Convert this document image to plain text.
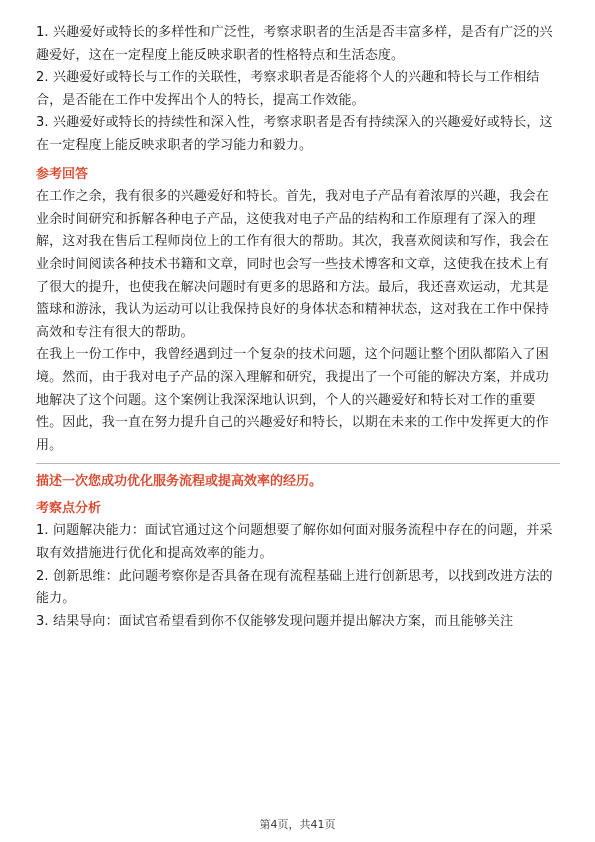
1. 兴趣爱好或特长的多样性和广泛性，考察求职者的生活是否丰富多样，是否有广泛的兴趣爱好，这在一定程度上能反映求职者的性格特点和生活态度。

2. 兴趣爱好或特长与工作的关联性，考察求职者是否能将个人的兴趣和特长与工作相结合，是否能在工作中发挥出个人的特长，提高工作效能。

3. 兴趣爱好或特长的持续性和深入性，考察求职者是否有持续深入的兴趣爱好或特长，这在一定程度上能反映求职者的学习能力和毅力。

参考回答

在工作之余，我有很多的兴趣爱好和特长。首先，我对电子产品有着浓厚的兴趣，我会在业余时间研究和拆解各种电子产品，这使我对电子产品的结构和工作原理有了深入的理解，这对我在售后工程师岗位上的工作有很大的帮助。其次，我喜欢阅读和写作，我会在业余时间阅读各种技术书籍和文章，同时也会写一些技术博客和文章，这使我在技术上有了很大的提升，也使我在解决问题时有更多的思路和方法。最后，我还喜欢运动，尤其是篮球和游泳，我认为运动可以让我保持良好的身体状态和精神状态，这对我在工作中保持高效和专注有很大的帮助。

在我上一份工作中，我曾经遇到过一个复杂的技术问题，这个问题让整个团队都陷入了困境。然而，由于我对电子产品的深入理解和研究，我提出了一个可能的解决方案，并成功地解决了这个问题。这个案例让我深深地认识到，个人的兴趣爱好和特长对工作的重要性。因此，我一直在努力提升自己的兴趣爱好和特长，以期在未来的工作中发挥更大的作用。

描述一次您成功优化服务流程或提高效率的经历。
考察点分析

1. 问题解决能力：面试官通过这个问题想要了解你如何面对服务流程中存在的问题，并采取有效措施进行优化和提高效率的能力。

2. 创新思维：此问题考察你是否具备在现有流程基础上进行创新思考，以找到改进方法的能力。

3. 结果导向：面试官希望看到你不仅能够发现问题并提出解决方案，而且能够关注

第4页，共41页
